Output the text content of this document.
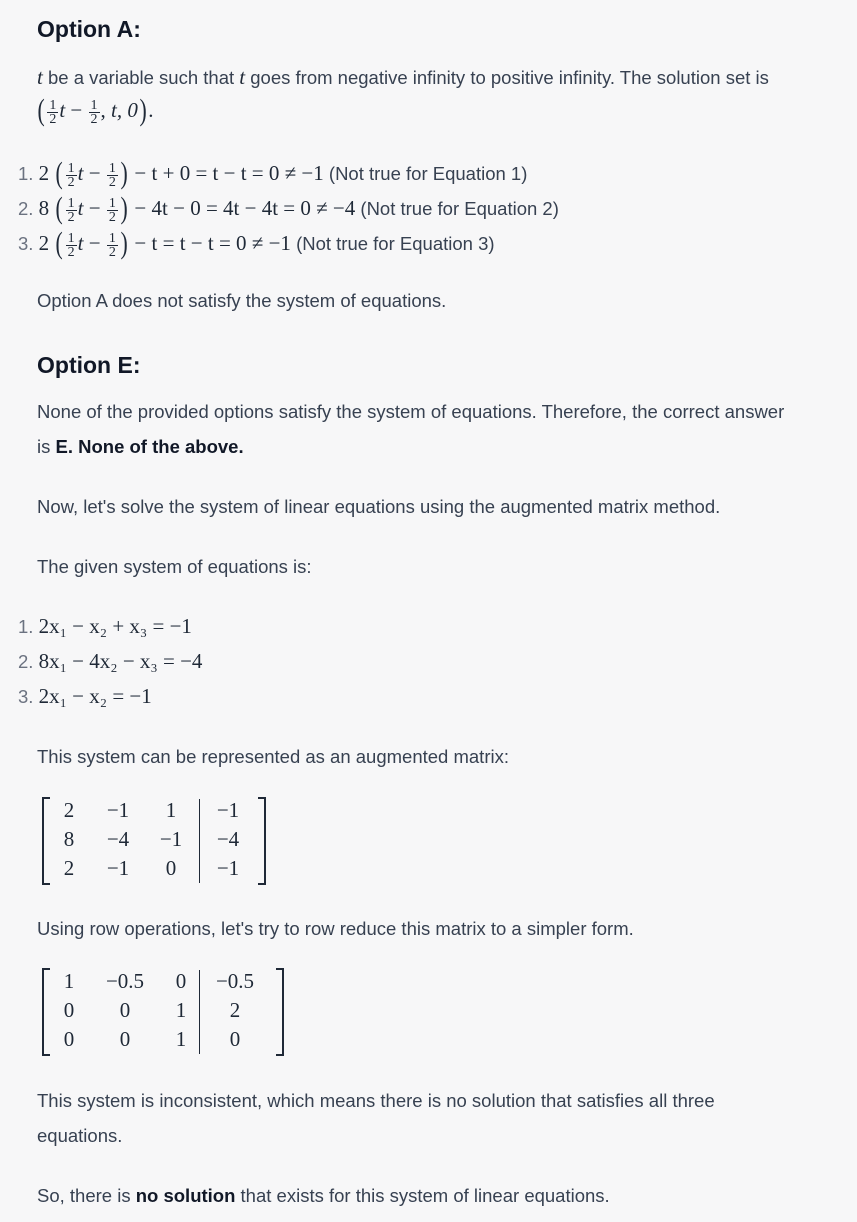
Option A:
t be a variable such that t goes from negative infinity to positive infinity. The solution set is
( $\frac{1}{2}$ $t - \frac{1}{2}$ , t, 0).
1. 2 ( $\frac{1}{2}$ $t - \frac{1}{2}$ ) − t + 0 = t − t = 0 ≠ −1 (Not true for Equation 1)
2. 8 ( $\frac{1}{2}$ $t - \frac{1}{2}$ ) − 4t − 0 = 4t − 4t = 0 ≠ −4 (Not true for Equation 2)
3. 2 ( $\frac{1}{2}$ $t - \frac{1}{2}$ ) − t = t − t = 0 ≠ −1 (Not true for Equation 3)
Option A does not satisfy the system of equations.
Option E:
None of the provided options satisfy the system of equations. Therefore, the correct answer
is E. None of the above.
Now, let's solve the system of linear equations using the augmented matrix method.
The given system of equations is:
1. 2x₁ − x₂ + x₃ = −1
2. 8x₁ − 4x₂ − x₃ = −4
3. 2x₁ − x₂ = −1
This system can be represented as an augmented matrix:
2	−1	1	−1
8	−4	−1	−4
2	−1	0	−1
Using row operations, let's try to row reduce this matrix to a simpler form.
1	−0.5	0	−0.5
0	0	1	2
0	0	1	0
This system is inconsistent, which means there is no solution that satisfies all three
equations.
So, there is no solution that exists for this system of linear equations.
